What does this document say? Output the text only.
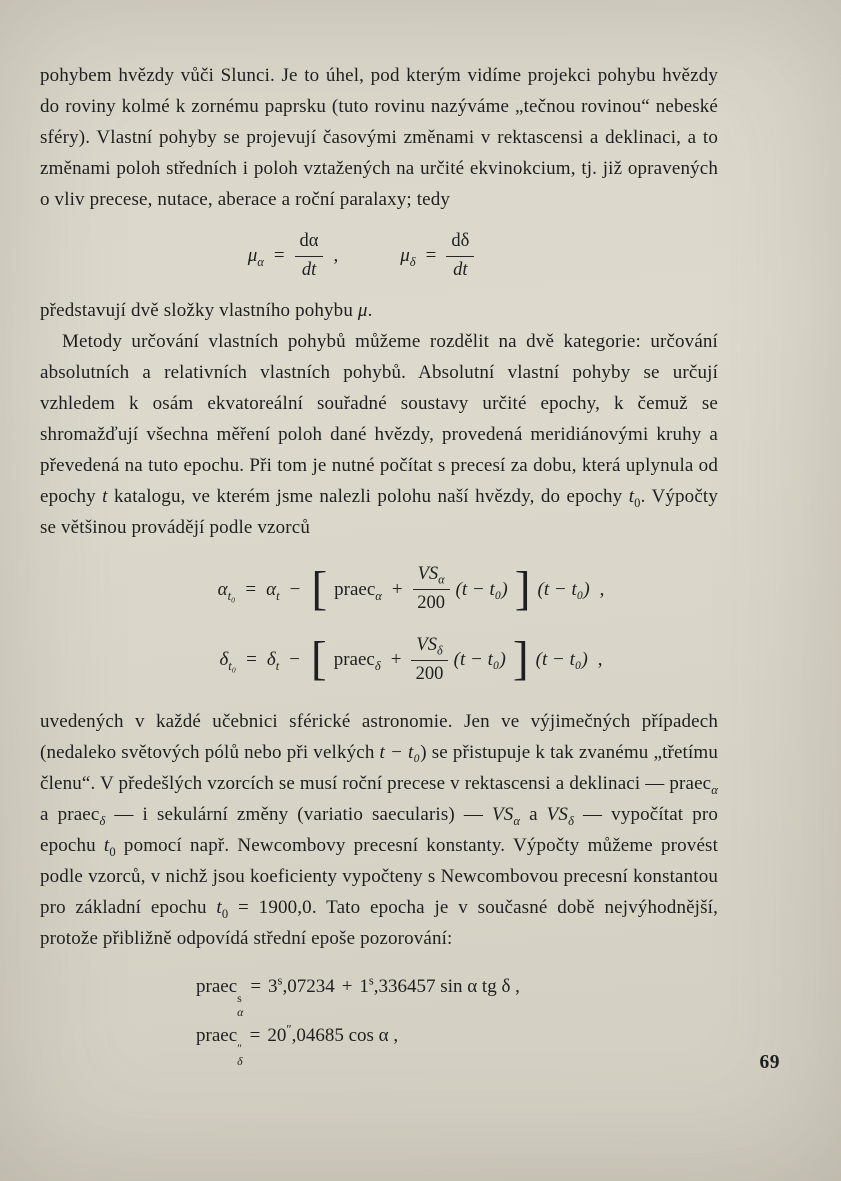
pohybem hvězdy vůči Slunci. Je to úhel, pod kterým vidíme projekci pohybu hvězdy do roviny kolmé k zornému paprsku (tuto rovinu nazýváme „tečnou rovinou“ nebeské sféry). Vlastní pohyby se projevují časovými změnami v rektascensi a deklinaci, a to změnami poloh středních i poloh vztažených na určité ekvinokcium, tj. již opravených o vliv precese, nutace, aberace a roční paralaxy; tedy

$\mu_\alpha = \frac{d\alpha}{dt}$ ,	$\mu_\delta = \frac{d\delta}{dt}$

představují dvě složky vlastního pohybu μ.

Metody určování vlastních pohybů můžeme rozdělit na dvě kategorie: určování absolutních a relativních vlastních pohybů. Absolutní vlastní pohyby se určují vzhledem k osám ekvatoreální souřadné soustavy určité epochy, k čemuž se shromažďují všechna měření poloh dané hvězdy, provedená meridiánovými kruhy a převedená na tuto epochu. Při tom je nutné počítat s precesí za dobu, která uplynula od epochy t katalogu, ve kterém jsme nalezli polohu naší hvězdy, do epochy $t_0$. Výpočty se většinou provádějí podle vzorců

$\alpha_{t_0} = \alpha_t$ − [ praec$_\alpha$ + $\frac{VS_\alpha}{200} (t - t_0)$ ] (t − t₀) ,
$\delta_{t_0} = \delta_t$ − [ praec$_\delta$ + $\frac{VS_\delta}{200} (t - t_0)$ ] (t − t₀) ,

uvedených v každé učebnici sférické astronomie. Jen ve výjimečných případech (nedaleko světových pólů nebo při velkých t − t₀) se přistupuje k tak zvanému „třetímu členu“. V předešlých vzorcích se musí roční precese v rektascensi a deklinaci — praec$_\alpha$ a praec$_\delta$ — i sekulární změny (variatio saecularis) — $VS_\alpha$ a $VS_\delta$ — vypočítat pro epochu $t_0$ pomocí např. Newcombovy precesní konstanty. Výpočty můžeme provést podle vzorců, v nichž jsou koeficienty vypočteny s Newcombovou precesní konstantou pro základní epochu $t_0 = 1900,0$. Tato epocha je v současné době nejvýhodnější, protože přibližně odpovídá střední epoše pozorování:

praec
s
α
= $3^s,07234 + 1^s,336457$ sin α tg δ ,
praec
″
δ
= 20″,04685 cos α ,
69
